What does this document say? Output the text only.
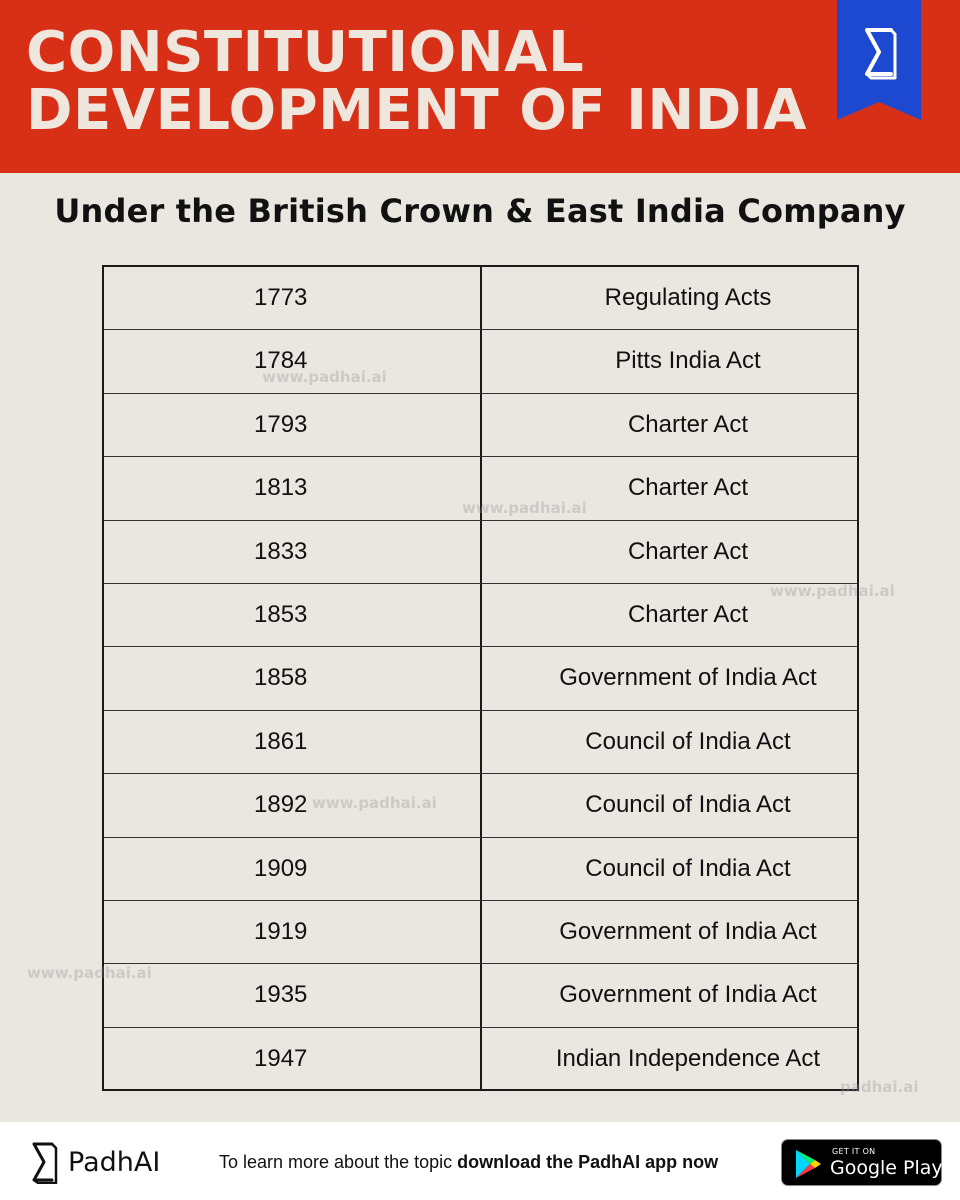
CONSTITUTIONAL
DEVELOPMENT OF INDIA
Under the British Crown & East India Company
1773	Regulating Acts
1784	Pitts India Act
1793	Charter Act
1813	Charter Act
1833	Charter Act
1853	Charter Act
1858	Government of India Act
1861	Council of India Act
1892	Council of India Act
1909	Council of India Act
1919	Government of India Act
1935	Government of India Act
1947	Indian Independence Act
www.padhai.ai
www.padhai.ai
www.padhai.ai
www.padhai.ai
www.padhai.ai
padhai.ai
PadhAI	To learn more about the topic download the PadhAI app now
GET IT ON
Google Play
